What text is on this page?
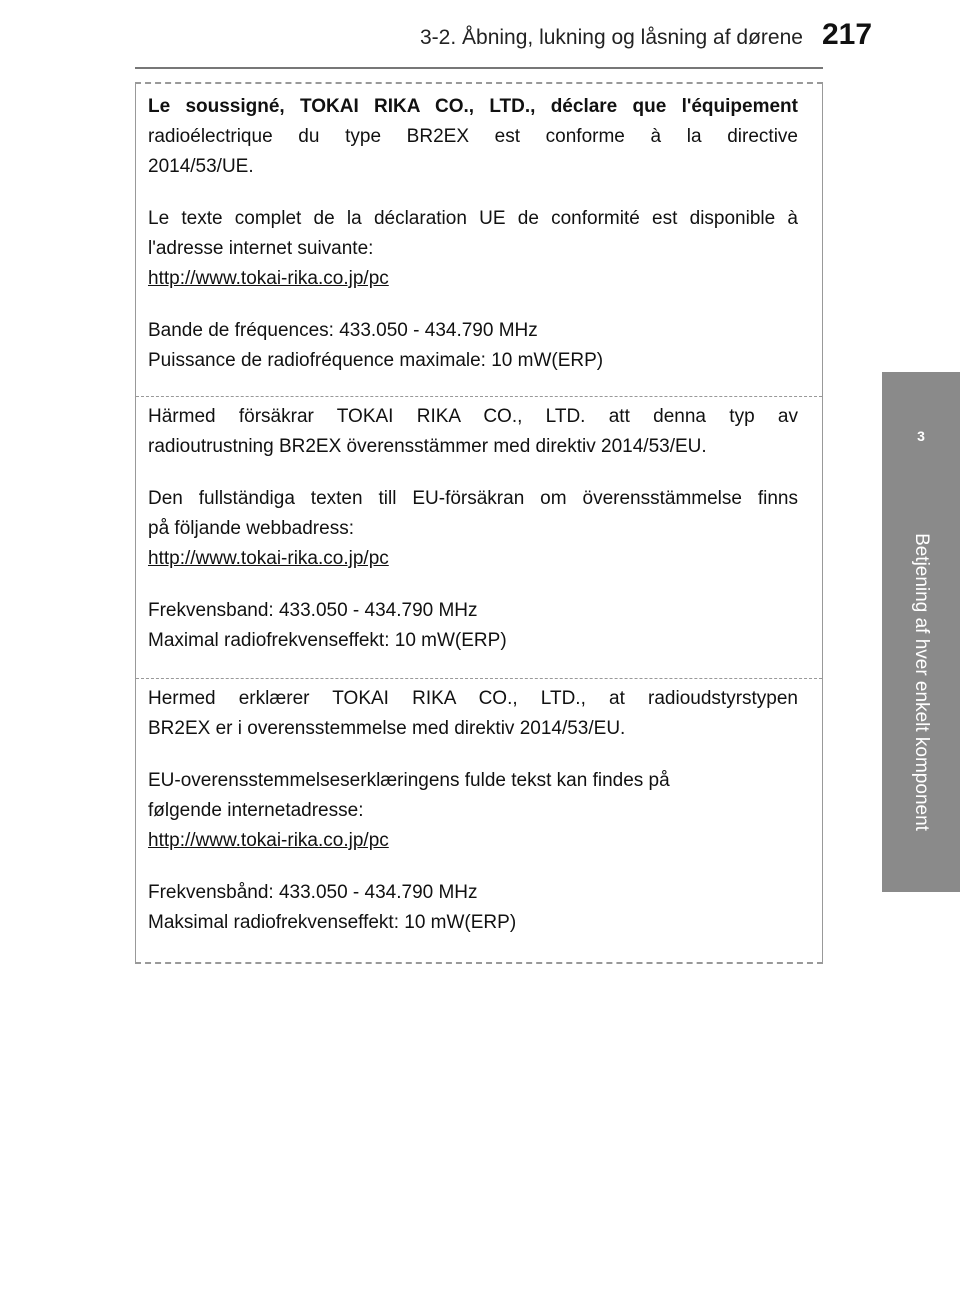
3-2. Åbning, lukning og låsning af dørene 217
3
Betjening af hver enkelt komponent
Le soussigné, TOKAI RIKA CO., LTD., déclare que l'équipement
radioélectrique du type BR2EX est conforme à la directive
2014/53/UE.
Le texte complet de la déclaration UE de conformité est disponible à
l'adresse internet suivante:
http://www.tokai-rika.co.jp/pc
Bande de fréquences: 433.050 - 434.790 MHz
Puissance de radiofréquence maximale: 10 mW(ERP)
Härmed försäkrar TOKAI RIKA CO., LTD. att denna typ av
radioutrustning BR2EX överensstämmer med direktiv 2014/53/EU.
Den fullständiga texten till EU-försäkran om överensstämmelse finns
på följande webbadress:
http://www.tokai-rika.co.jp/pc
Frekvensband: 433.050 - 434.790 MHz
Maximal radiofrekvenseffekt: 10 mW(ERP)
Hermed erklærer TOKAI RIKA CO., LTD., at radioudstyrstypen
BR2EX er i overensstemmelse med direktiv 2014/53/EU.
EU-overensstemmelseserklæringens fulde tekst kan findes på
følgende internetadresse:
http://www.tokai-rika.co.jp/pc
Frekvensbånd: 433.050 - 434.790 MHz
Maksimal radiofrekvenseffekt: 10 mW(ERP)
